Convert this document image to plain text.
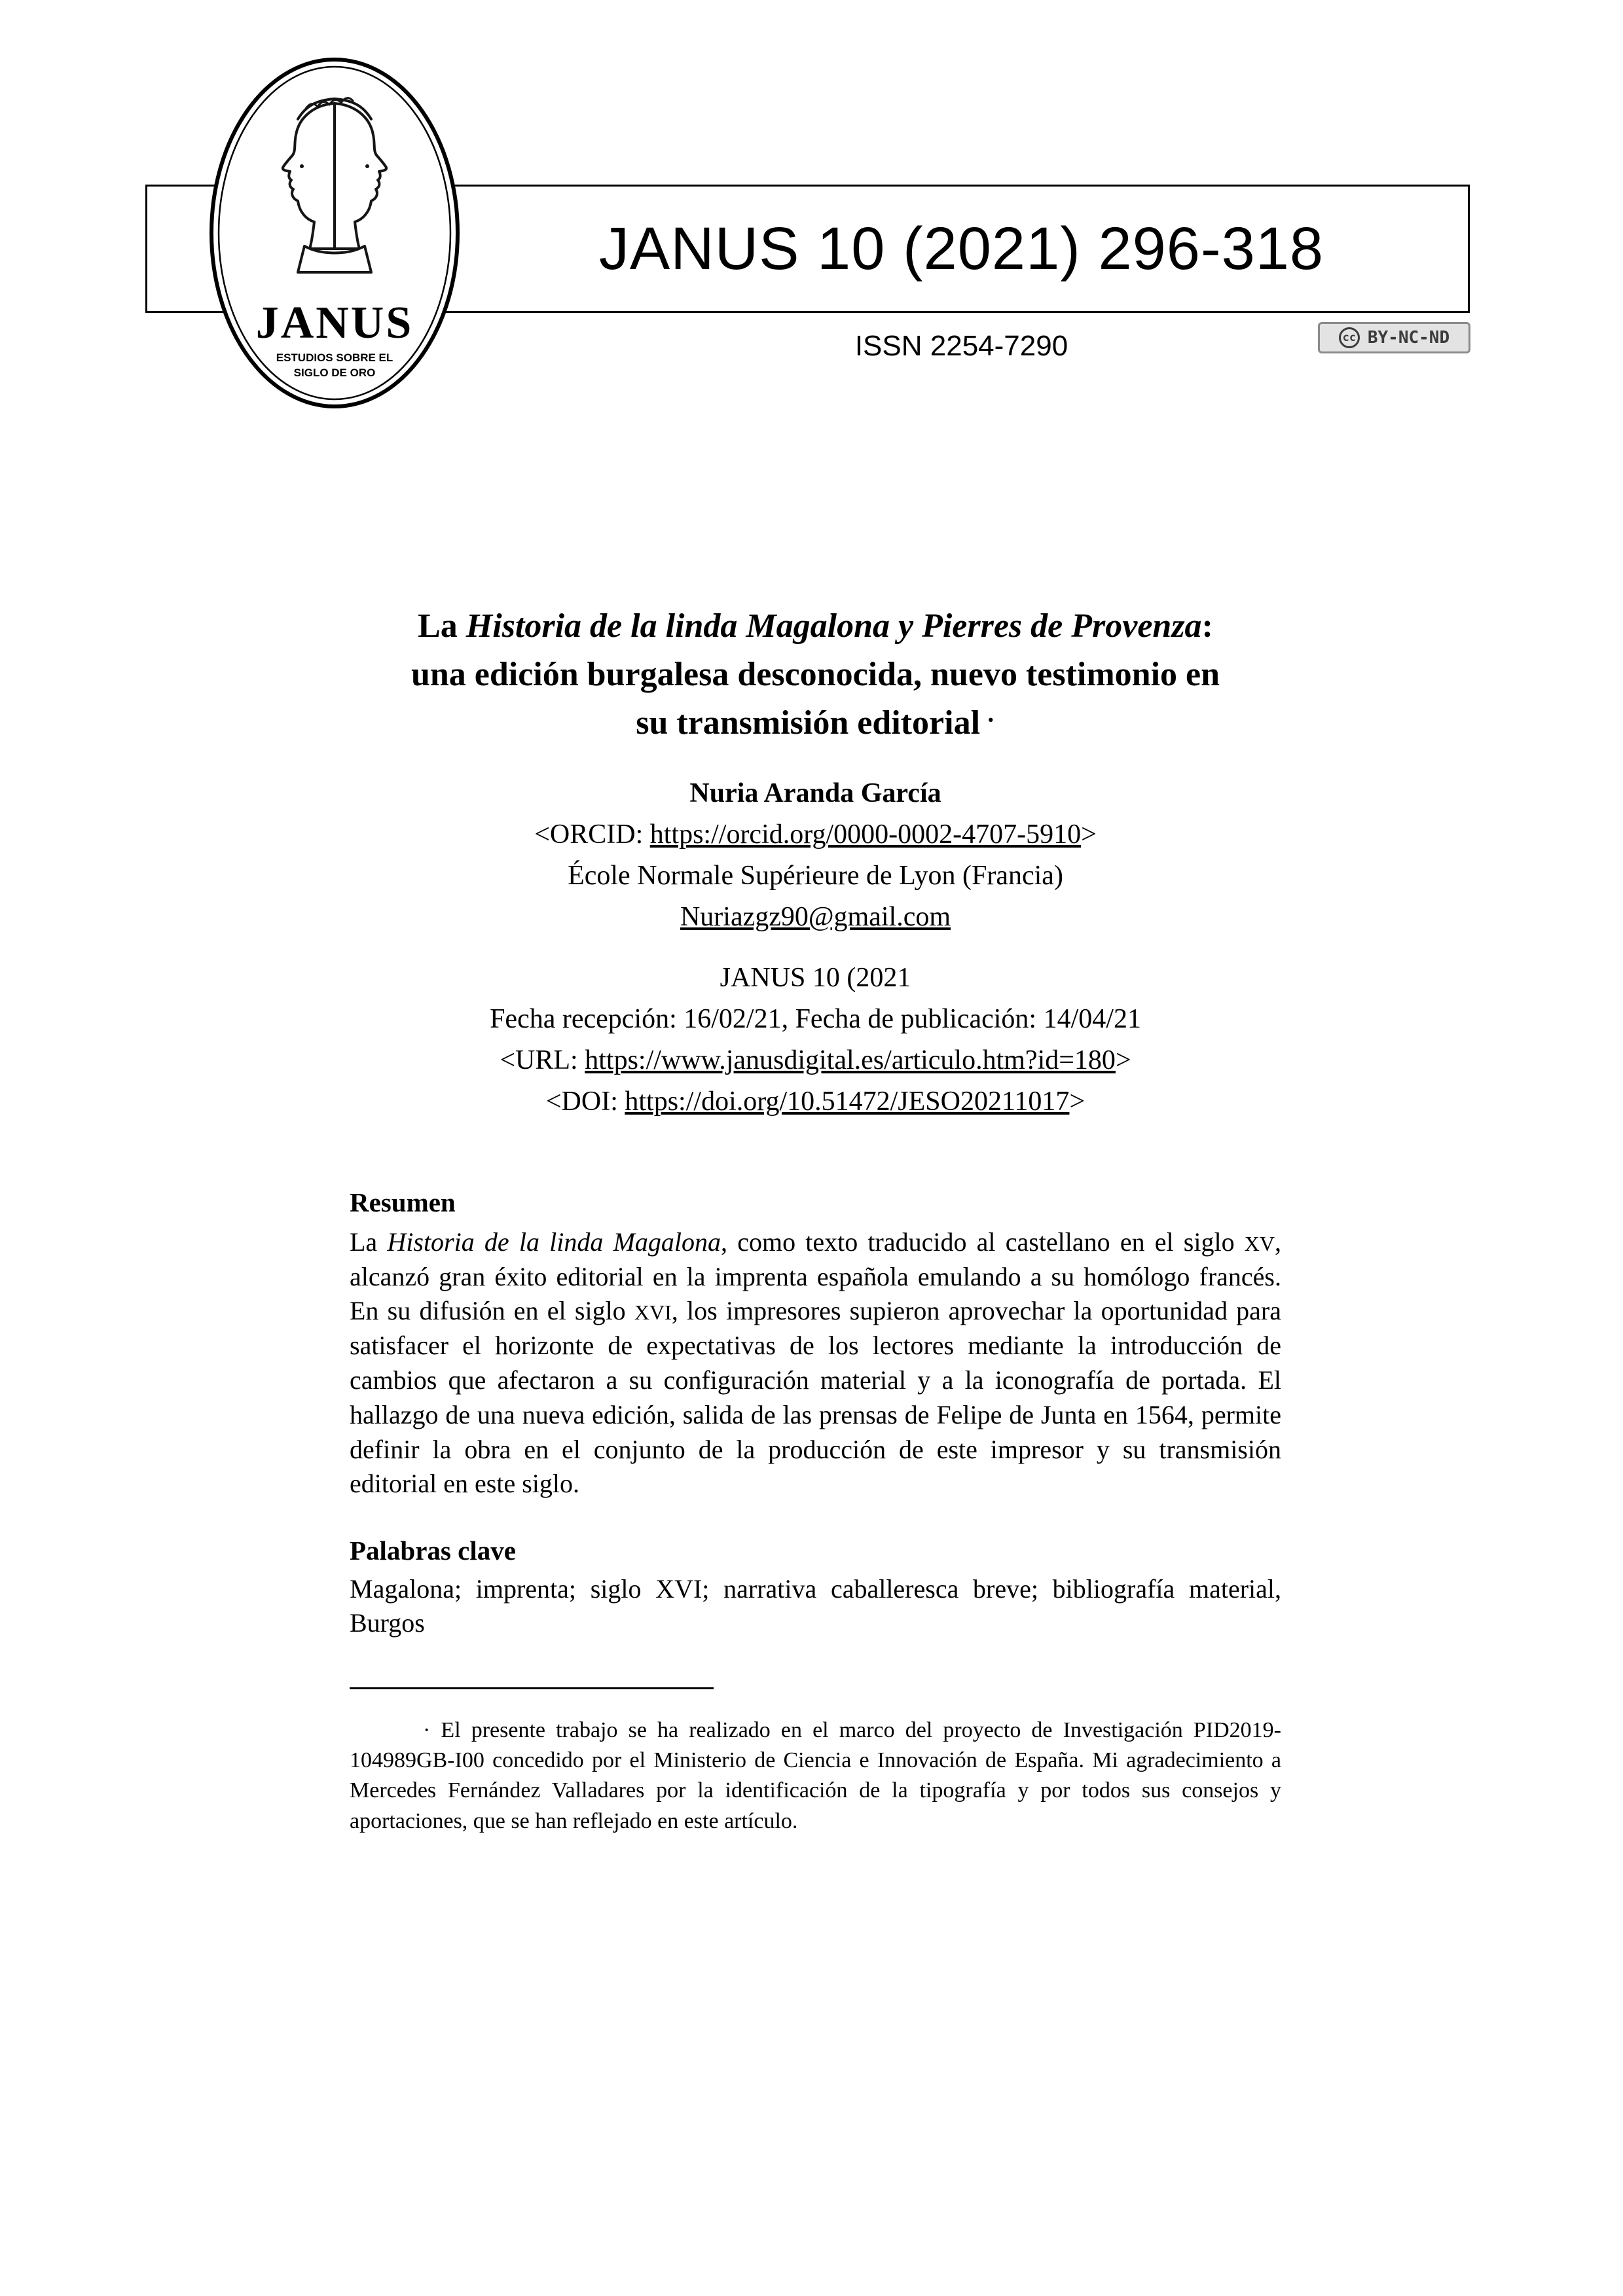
JANUS 10 (2021) 296-318
ISSN 2254-7290	cc BY-NC-ND
JANUS
ESTUDIOS SOBRE EL
SIGLO DE ORO
La Historia de la linda Magalona y Pierres de Provenza:
una edición burgalesa desconocida, nuevo testimonio en
su transmisión editorial ·
Nuria Aranda García
<ORCID: https://orcid.org/0000-0002-4707-5910>
École Normale Supérieure de Lyon (Francia)
Nuriazgz90@gmail.com
JANUS 10 (2021
Fecha recepción: 16/02/21, Fecha de publicación: 14/04/21
<URL: https://www.janusdigital.es/articulo.htm?id=180>
<DOI: https://doi.org/10.51472/JESO20211017>
Resumen
La Historia de la linda Magalona, como texto traducido al castellano en el siglo XV, alcanzó gran éxito editorial en la imprenta española emulando a su homólogo francés. En su difusión en el siglo XVI, los impresores supieron aprovechar la oportunidad para satisfacer el horizonte de expectativas de los lectores mediante la introducción de cambios que afectaron a su configuración material y a la iconografía de portada. El hallazgo de una nueva edición, salida de las prensas de Felipe de Junta en 1564, permite definir la obra en el conjunto de la producción de este impresor y su transmisión editorial en este siglo.
Palabras clave
Magalona; imprenta; siglo XVI; narrativa caballeresca breve; bibliografía material, Burgos
· El presente trabajo se ha realizado en el marco del proyecto de Investigación PID2019-104989GB-I00 concedido por el Ministerio de Ciencia e Innovación de España. Mi agradecimiento a Mercedes Fernández Valladares por la identificación de la tipografía y por todos sus consejos y aportaciones, que se han reflejado en este artículo.
